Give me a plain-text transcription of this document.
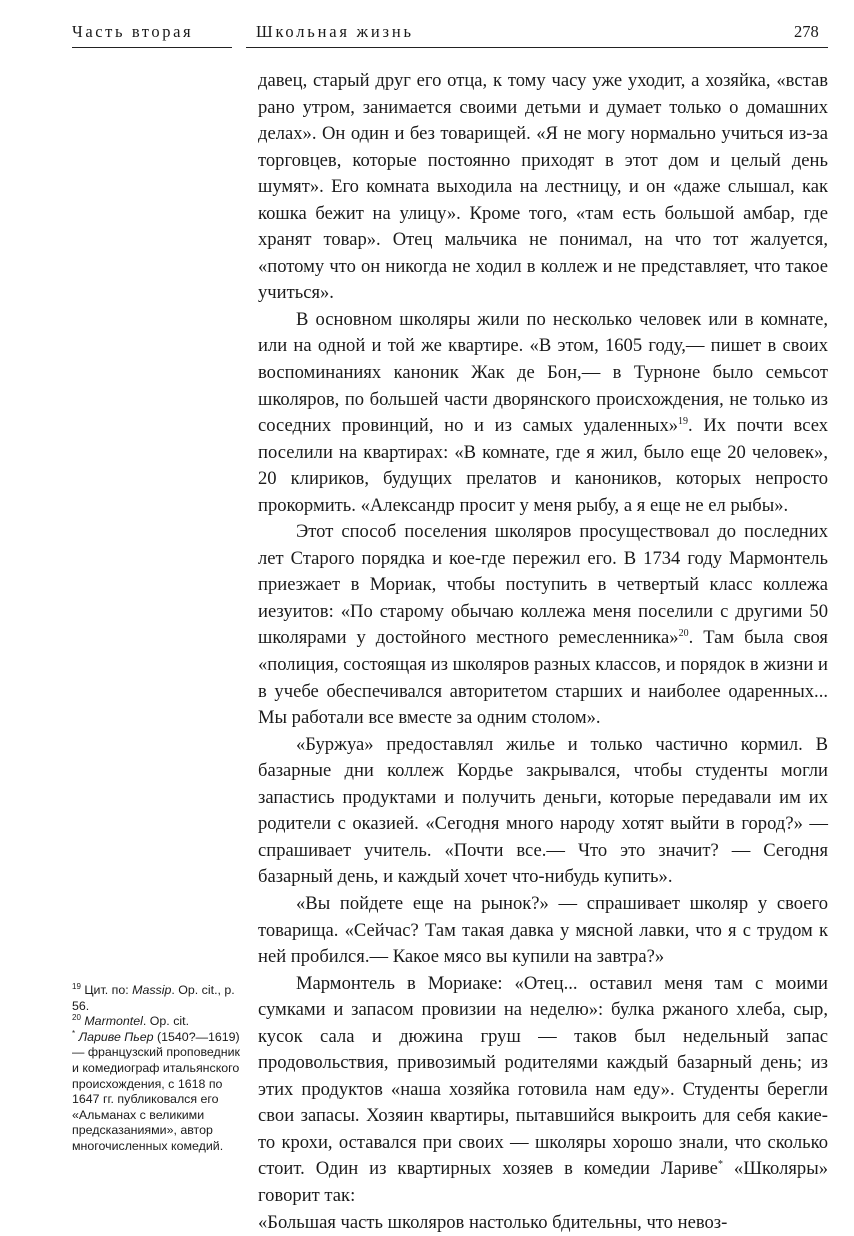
Часть вторая	Школьная жизнь	278

давец, старый друг его отца, к тому часу уже уходит, а хозяйка, «встав рано утром, занимается своими детьми и думает только о домашних делах». Он один и без товарищей. «Я не могу нормально учиться из-за торговцев, которые постоянно приходят в этот дом и целый день шумят». Его комната выходила на лестницу, и он «даже слышал, как кошка бежит на улицу». Кроме того, «там есть большой амбар, где хранят товар». Отец мальчика не понимал, на что тот жалуется, «потому что он никогда не ходил в коллеж и не представляет, что такое учиться».

В основном школяры жили по несколько человек или в комнате, или на одной и той же квартире. «В этом, 1605 году,— пишет в своих воспоминаниях каноник Жак де Бон,— в Турноне было семьсот школяров, по большей части дворянского происхождения, не только из соседних провинций, но и из самых удаленных»$^{19}$. Их почти всех поселили на квартирах: «В комнате, где я жил, было еще 20 человек», 20 клириков, будущих прелатов и каноников, которых непросто прокормить. «Александр просит у меня рыбу, а я еще не ел рыбы».

Этот способ поселения школяров просуществовал до последних лет Старого порядка и кое-где пережил его. В 1734 году Мармонтель приезжает в Мориак, чтобы поступить в четвертый класс коллежа иезуитов: «По старому обычаю коллежа меня поселили с другими 50 школярами у достойного местного ремесленника»$^{20}$. Там была своя «полиция, состоящая из школяров разных классов, и порядок в жизни и в учебе обеспечивался авторитетом старших и наиболее одаренных... Мы работали все вместе за одним столом».

«Буржуа» предоставлял жилье и только частично кормил. В базарные дни коллеж Кордье закрывался, чтобы студенты могли запастись продуктами и получить деньги, которые передавали им их родители с оказией. «Сегодня много народу хотят выйти в город?» — спрашивает учитель. «Почти все.— Что это значит? — Сегодня базарный день, и каждый хочет что-нибудь купить».

«Вы пойдете еще на рынок?» — спрашивает школяр у своего товарища. «Сейчас? Там такая давка у мясной лавки, что я с трудом к ней пробился.— Какое мясо вы купили на завтра?»

Мармонтель в Мориаке: «Отец... оставил меня там с моими сумками и запасом провизии на неделю»: булка ржаного хлеба, сыр, кусок сала и дюжина груш — таков был недельный запас продовольствия, привозимый родителями каждый базарный день; из этих продуктов «наша хозяйка готовила нам еду». Студенты берегли свои запасы. Хозяин квартиры, пытавшийся выкроить для себя какие-то крохи, оставался при своих — школяры хорошо знали, что сколько стоит. Один из квартирных хозяев в комедии Лариве* «Школяры» говорит так:

«Большая часть школяров настолько бдительны, что невоз-

$^{19}$ Цит. по: Massip. Op. cit., p. 56.

$^{20}$ Marmontel. Op. cit.

* Лариве Пьер (1540?—1619) — французский проповедник и комедиограф итальянского происхождения, с 1618 по 1647 гг. публиковался его «Альманах с великими предсказаниями», автор многочисленных комедий.
